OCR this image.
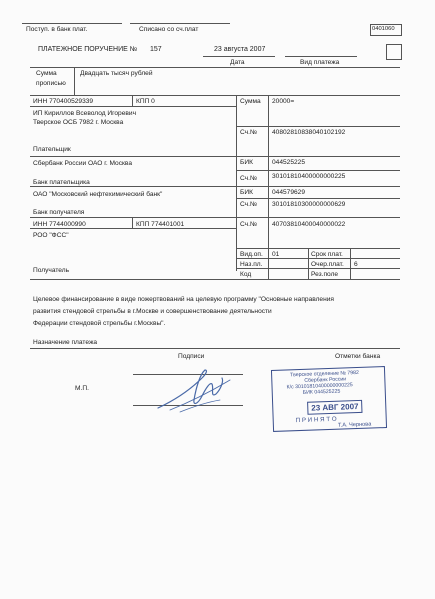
Поступ. в банк плат.	Списано со сч.плат	0401060
ПЛАТЕЖНОЕ ПОРУЧЕНИЕ № 157	23 августа 2007
Дата	Вид платежа
Сумма
прописью
Двадцать тысяч рублей
ИНН 770400529339	КПП 0	Сумма 20000=
ИП Кириллов Всеволод Игоревич
Тверское ОСБ 7982 г. Москва
Сч.№ 40802810838040102192
Плательщик
Сбербанк России ОАО г. Москва	БИК	044525225
Сч.№ 30101810400000000225
Банк плательщика
ОАО "Московский нефтехимический банк"	БИК	044579629
Сч.№ 30101810300000000629
Банк получателя
ИНН 7744000990	КПП 774401001	Сч.№ 40703810400040000022
РОО "ФСС"
Вид.оп. 01	Срок плат.
Наз.пл.	Очер.плат. 6
Код	Рез.поле
Получатель
Целевое финансирование в виде пожертвований на целевую программу "Основные направления
развития стендовой стрельбы в г.Москве и совершенствование деятельности
Федерации стендовой стрельбы г.Москвы".
Назначение платежа
Подписи	Отметки банка
М.П.
Тверское отделение № 7982
Сбербанк России
К/с 30101810400000000225
БИК 044525225
23 АВГ 2007
П Р И Н Я Т О
Т.А. Чернова
